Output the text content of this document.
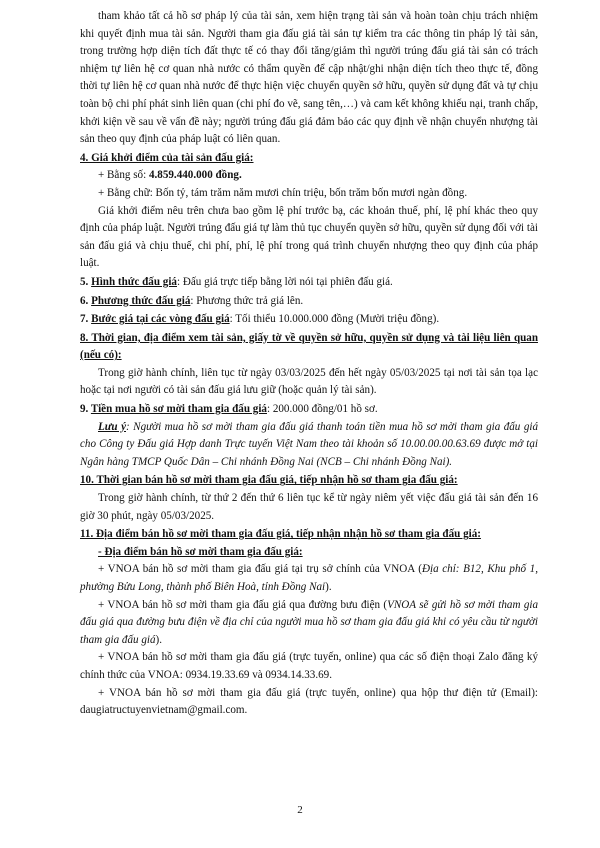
tham khảo tất cả hồ sơ pháp lý của tài sản, xem hiện trạng tài sản và hoàn toàn chịu trách nhiệm khi quyết định mua tài sản. Người tham gia đấu giá tài sản tự kiểm tra các thông tin pháp lý tài sản, trong trường hợp diện tích đất thực tế có thay đổi tăng/giảm thì người trúng đấu giá tài sản có trách nhiệm tự liên hệ cơ quan nhà nước có thẩm quyền để cập nhật/ghi nhận diện tích theo thực tế, đồng thời tự liên hệ cơ quan nhà nước để thực hiện việc chuyển quyền sở hữu, quyền sử dụng đất và tự chịu toàn bộ chi phí phát sinh liên quan (chi phí đo vẽ, sang tên,…) và cam kết không khiếu nại, tranh chấp, khởi kiện về sau về vấn đề này; người trúng đấu giá đảm bảo các quy định về nhận chuyển nhượng tài sản theo quy định của pháp luật có liên quan.

4. Giá khởi điểm của tài sản đấu giá:

+ Bằng số: 4.859.440.000 đồng.

+ Bằng chữ: Bốn tỷ, tám trăm năm mươi chín triệu, bốn trăm bốn mươi ngàn đồng.

Giá khởi điểm nêu trên chưa bao gồm lệ phí trước bạ, các khoản thuế, phí, lệ phí khác theo quy định của pháp luật. Người trúng đấu giá tự làm thủ tục chuyển quyền sở hữu, quyền sử dụng đối với tài sản đấu giá và chịu thuế, chi phí, phí, lệ phí trong quá trình chuyển nhượng theo quy định của pháp luật.

5. Hình thức đấu giá: Đấu giá trực tiếp bằng lời nói tại phiên đấu giá.

6. Phương thức đấu giá: Phương thức trả giá lên.

7. Bước giá tại các vòng đấu giá: Tối thiểu 10.000.000 đồng (Mười triệu đồng).

8. Thời gian, địa điểm xem tài sản, giấy tờ về quyền sở hữu, quyền sử dụng và tài liệu liên quan (nếu có):

Trong giờ hành chính, liên tục từ ngày 03/03/2025 đến hết ngày 05/03/2025 tại nơi tài sản tọa lạc hoặc tại nơi người có tài sản đấu giá lưu giữ (hoặc quản lý tài sản).

9. Tiền mua hồ sơ mời tham gia đấu giá: 200.000 đồng/01 hồ sơ.

Lưu ý: Người mua hồ sơ mời tham gia đấu giá thanh toán tiền mua hồ sơ mời tham gia đấu giá cho Công ty Đấu giá Hợp danh Trực tuyến Việt Nam theo tài khoản số 10.00.00.00.63.69 được mở tại Ngân hàng TMCP Quốc Dân – Chi nhánh Đồng Nai (NCB – Chi nhánh Đồng Nai).

10. Thời gian bán hồ sơ mời tham gia đấu giá, tiếp nhận hồ sơ tham gia đấu giá:

Trong giờ hành chính, từ thứ 2 đến thứ 6 liên tục kể từ ngày niêm yết việc đấu giá tài sản đến 16 giờ 30 phút, ngày 05/03/2025.

11. Địa điểm bán hồ sơ mời tham gia đấu giá, tiếp nhận nhận hồ sơ tham gia đấu giá:

- Địa điểm bán hồ sơ mời tham gia đấu giá:

+ VNOA bán hồ sơ mời tham gia đấu giá tại trụ sở chính của VNOA (Địa chỉ: B12, Khu phố 1, phường Bửu Long, thành phố Biên Hoà, tỉnh Đồng Nai).

+ VNOA bán hồ sơ mời tham gia đấu giá qua đường bưu điện (VNOA sẽ gửi hồ sơ mời tham gia đấu giá qua đường bưu điện về địa chỉ của người mua hồ sơ tham gia đấu giá khi có yêu cầu từ người tham gia đấu giá).

+ VNOA bán hồ sơ mời tham gia đấu giá (trực tuyến, online) qua các số điện thoại Zalo đăng ký chính thức của VNOA: 0934.19.33.69 và 0934.14.33.69.

+ VNOA bán hồ sơ mời tham gia đấu giá (trực tuyến, online) qua hộp thư điện tử (Email): daugiatructuyenvietnam@gmail.com.

2
